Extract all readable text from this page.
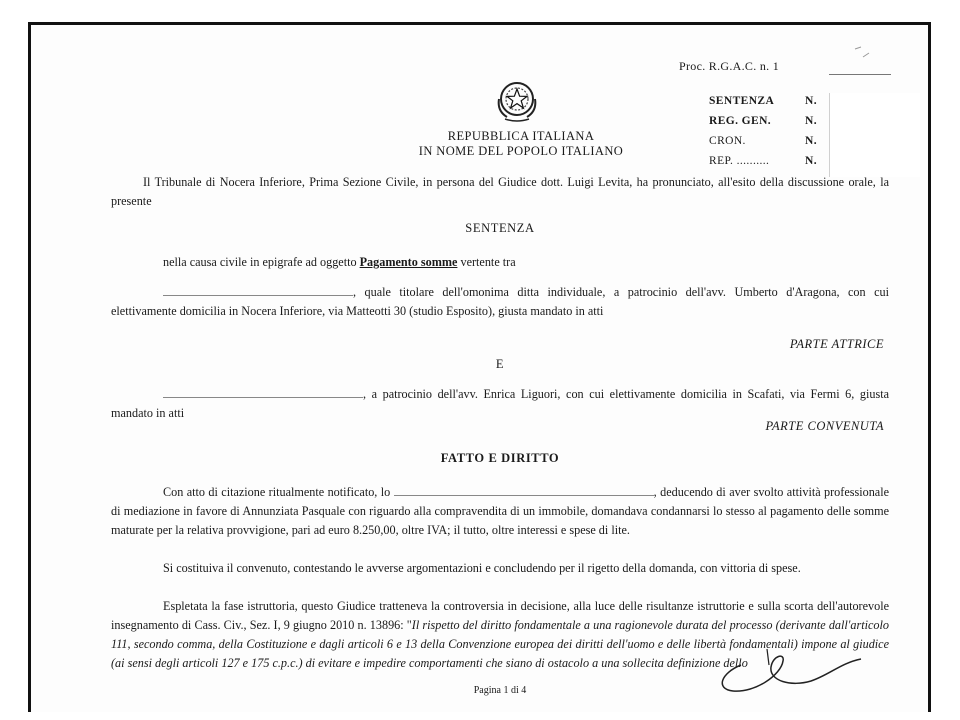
Proc. R.G.A.C. n. 1
REPUBBLICA ITALIANA
IN NOME DEL POPOLO ITALIANO
SENTENZA	N.
REG. GEN.	N.
CRON.	N.
REP. ..........	N.
Il Tribunale di Nocera Inferiore, Prima Sezione Civile, in persona del Giudice dott. Luigi Levita, ha pronunciato, all'esito della discussione orale, la presente
SENTENZA
nella causa civile in epigrafe ad oggetto Pagamento somme vertente tra
, quale titolare dell'omonima ditta individuale, a patrocinio dell'avv. Umberto d'Aragona, con cui elettivamente domicilia in Nocera Inferiore, via Matteotti 30 (studio Esposito), giusta mandato in atti
PARTE ATTRICE
E
, a patrocinio dell'avv. Enrica Liguori, con cui elettivamente domicilia in Scafati, via Fermi 6, giusta mandato in atti
PARTE CONVENUTA
FATTO E DIRITTO
Con atto di citazione ritualmente notificato, lo	, deducendo di aver svolto attività professionale di mediazione in favore di Annunziata Pasquale con riguardo alla compravendita di un immobile, domandava condannarsi lo stesso al pagamento delle somme maturate per la relativa provvigione, pari ad euro 8.250,00, oltre IVA; il tutto, oltre interessi e spese di lite.
Si costituiva il convenuto, contestando le avverse argomentazioni e concludendo per il rigetto della domanda, con vittoria di spese.
Espletata la fase istruttoria, questo Giudice tratteneva la controversia in decisione, alla luce delle risultanze istruttorie e sulla scorta dell'autorevole insegnamento di Cass. Civ., Sez. I, 9 giugno 2010 n. 13896: "Il rispetto del diritto fondamentale a una ragionevole durata del processo (derivante dall'articolo 111, secondo comma, della Costituzione e dagli articoli 6 e 13 della Convenzione europea dei diritti dell'uomo e delle libertà fondamentali) impone al giudice (ai sensi degli articoli 127 e 175 c.p.c.) di evitare e impedire comportamenti che siano di ostacolo a una sollecita definizione dello
Pagina 1 di 4
